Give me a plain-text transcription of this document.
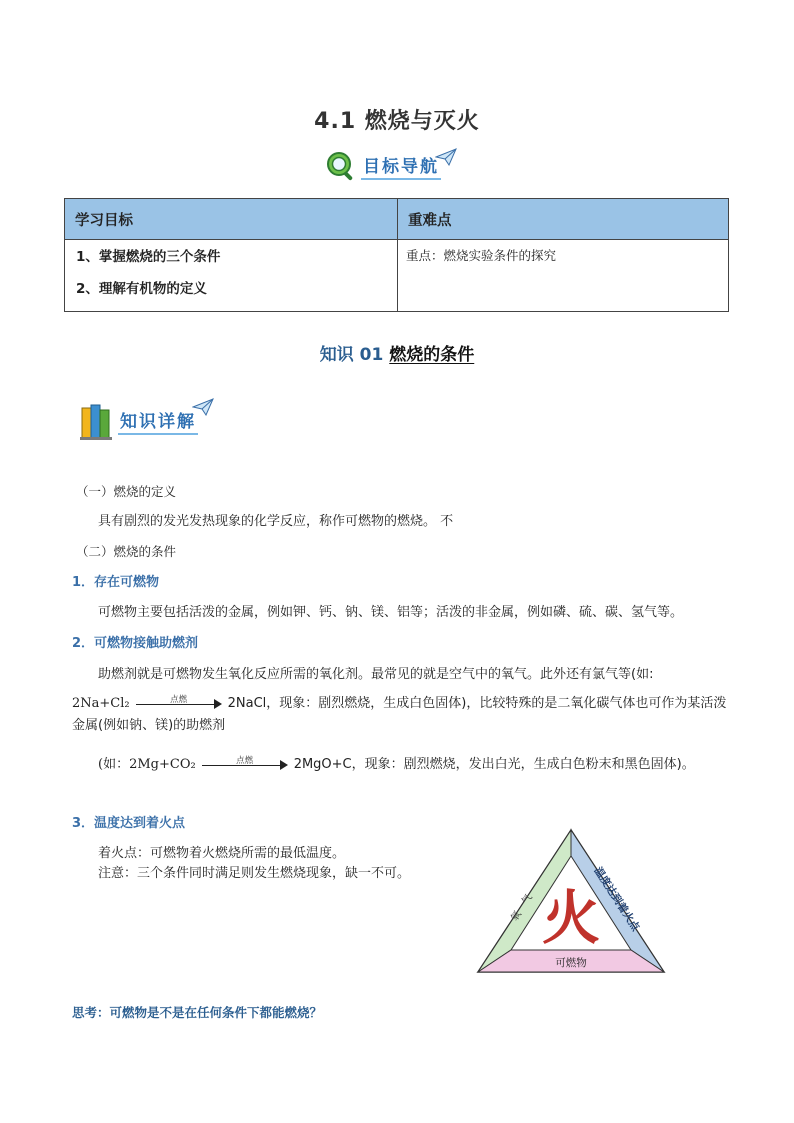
4.1 燃烧与灭火
目标导航
学习目标	重难点

1、掌握燃烧的三个条件
2、理解有机物的定义	重点：燃烧实验条件的探究
知识 01 燃烧的条件
知识详解
（一）燃烧的定义
具有剧烈的发光发热现象的化学反应，称作可燃物的燃烧。 不
（二）燃烧的条件
1．存在可燃物
可燃物主要包括活泼的金属，例如钾、钙、钠、镁、铝等；活泼的非金属，例如磷、硫、碳、氢气等。
2．可燃物接触助燃剂
助燃剂就是可燃物发生氧化反应所需的氧化剂。最常见的就是空气中的氧气。此外还有氯气等(如:
2Na+Cl₂	点燃	2NaCl，现象：剧烈燃烧，生成白色固体)，比较特殊的是二氧化碳气体也可作为某活泼
金属(例如钠、镁)的助燃剂
(如：2Mg+CO₂	点燃	2MgO+C，现象：剧烈燃烧，发出白光，生成白色粉末和黑色固体)。
3．温度达到着火点
着火点：可燃物着火燃烧所需的最低温度。
注意：三个条件同时满足则发生燃烧现象，缺一不可。
氧　气	温度达到着火点
可燃物
火
思考：可燃物是不是在任何条件下都能燃烧？
